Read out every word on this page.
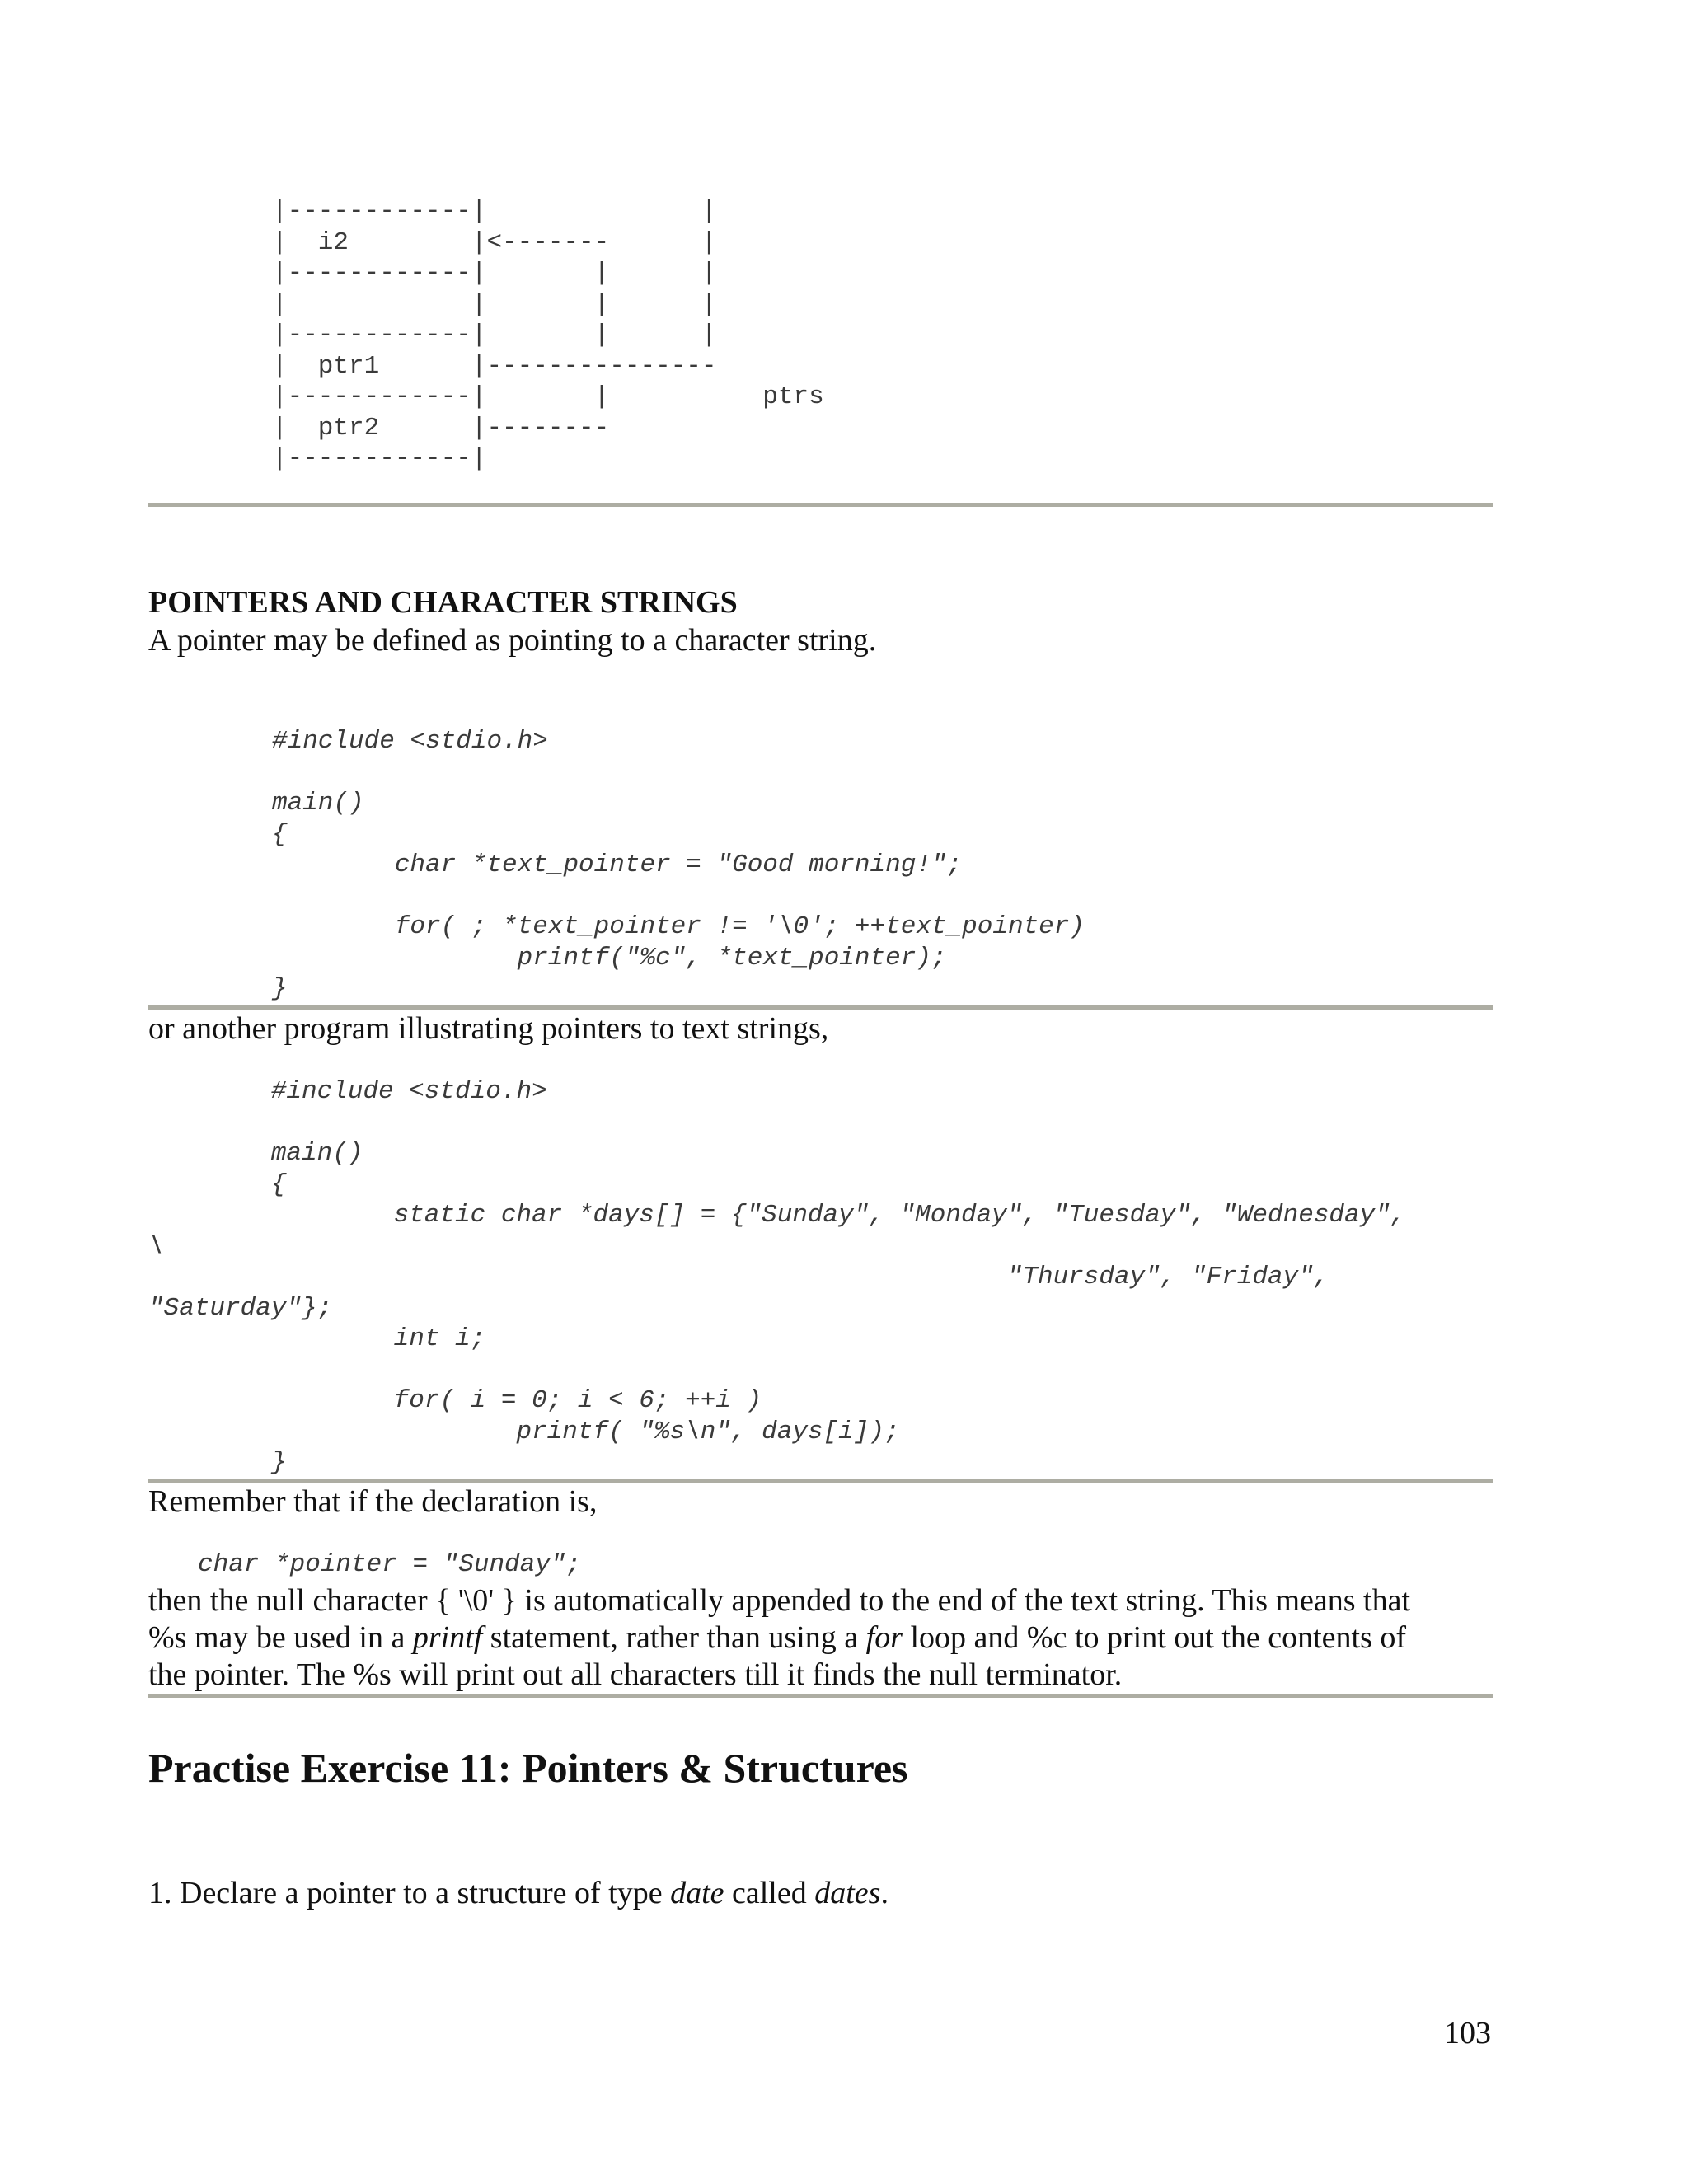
|------------|              |
|  i2        |<-------      |
|------------|       |      |
|            |       |      |
|------------|       |      |
|  ptr1      |---------------
|------------|       |          ptrs
|  ptr2      |--------
|------------|

POINTERS AND CHARACTER STRINGS

A pointer may be defined as pointing to a character string.

#include <stdio.h>

main()
{
char *text_pointer = "Good morning!";

for( ; *text_pointer != '\0'; ++text_pointer)
printf("%c", *text_pointer);
}

or another program illustrating pointers to text strings,

#include <stdio.h>

main()
{
static char *days[] = {"Sunday", "Monday", "Tuesday", "Wednesday",
\
"Thursday", "Friday",
"Saturday"};
int i;

for( i = 0; i < 6; ++i )
printf( "%s\n", days[i]);
}

Remember that if the declaration is,

char *pointer = "Sunday";

then the null character { '\0' } is automatically appended to the end of the text string. This means that

%s may be used in a printf statement, rather than using a for loop and %c to print out the contents of

the pointer. The %s will print out all characters till it finds the null terminator.

Practise Exercise 11: Pointers & Structures

1. Declare a pointer to a structure of type date called dates.

103
